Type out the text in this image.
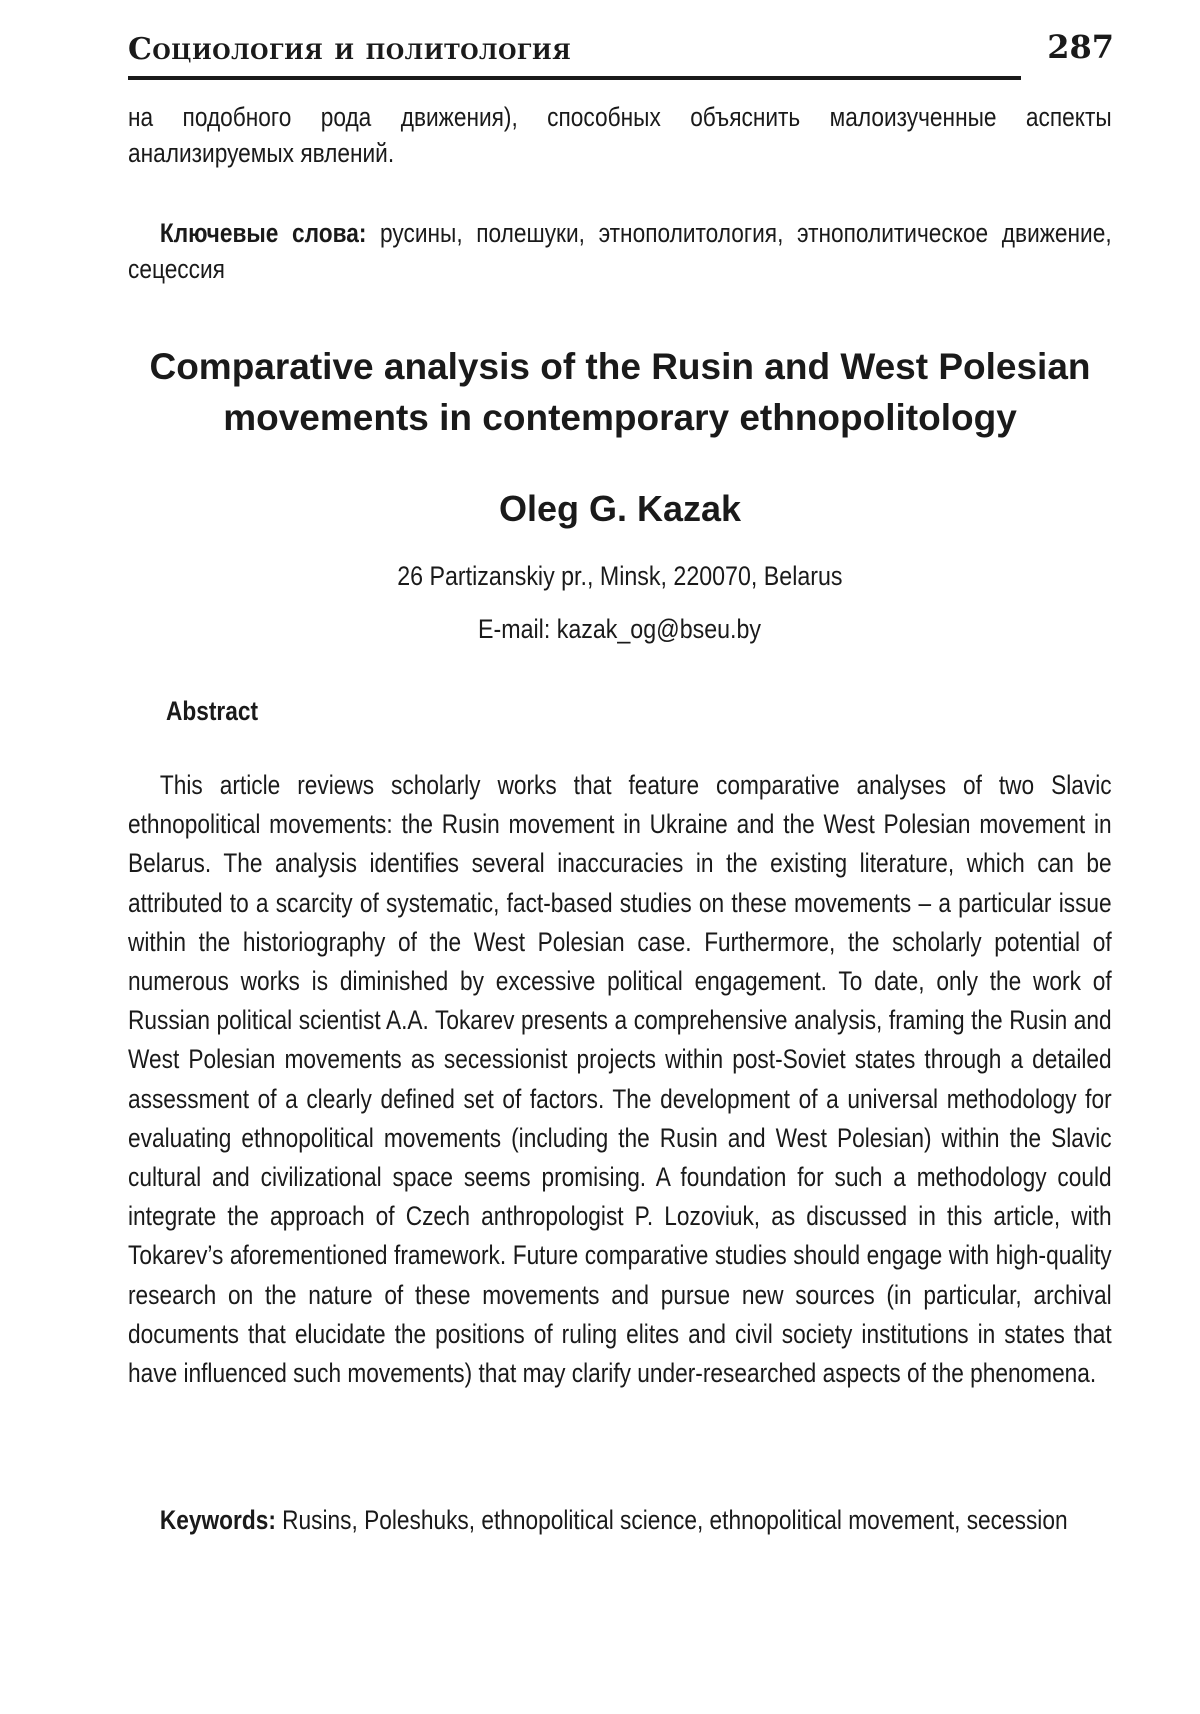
Социология и политология	287

на подобного рода движения), способных объяснить малоизученные аспекты анализируемых явлений.

Ключевые слова: русины, полешуки, этнополитология, этнополитическое движение, сецессия

Comparative analysis of the Rusin and West Polesian movements in contemporary ethnopolitology
Oleg G. Kazak
26 Partizanskiy pr., Minsk, 220070, Belarus
E-mail: kazak_og@bseu.by
Abstract

This article reviews scholarly works that feature comparative analyses of two Slavic ethnopolitical movements: the Rusin movement in Ukraine and the West Polesian movement in Belarus. The analysis identifies several inaccuracies in the existing literature, which can be attributed to a scarcity of systematic, fact-based studies on these movements – a particular issue within the historiography of the West Polesian case. Furthermore, the scholarly potential of numerous works is diminished by excessive political engagement. To date, only the work of Russian political scientist A.A. Tokarev presents a comprehensive analysis, framing the Rusin and West Polesian movements as secessionist projects within post-Soviet states through a detailed assessment of a clearly defined set of factors. The development of a universal methodology for evaluating ethnopolitical movements (including the Rusin and West Polesian) within the Slavic cultural and civilizational space seems promising. A foundation for such a methodology could integrate the approach of Czech anthropologist P. Lozoviuk, as discussed in this article, with Tokarev’s aforementioned framework. Future comparative studies should engage with high-quality research on the nature of these movements and pursue new sources (in particular, archival documents that elucidate the positions of ruling elites and civil society institutions in states that have influenced such movements) that may clarify under-researched aspects of the phenomena.

Keywords: Rusins, Poleshuks, ethnopolitical science, ethnopolitical movement, secession
